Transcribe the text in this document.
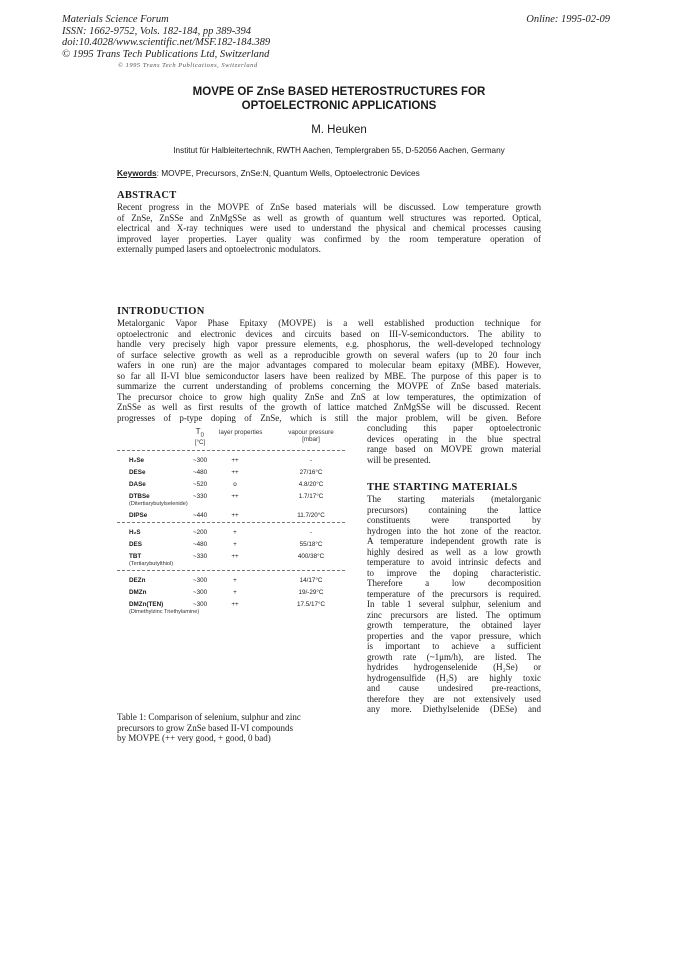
Materials Science Forum
ISSN: 1662-9752, Vols. 182-184, pp 389-394
doi:10.4028/www.scientific.net/MSF.182-184.389
© 1995 Trans Tech Publications Ltd, Switzerland
Online: 1995-02-09
© 1995 Trans Tech Publications, Switzerland
MOVPE OF ZnSe BASED HETEROSTRUCTURES FOR
OPTOELECTRONIC APPLICATIONS
M. Heuken
Institut für Halbleitertechnik, RWTH Aachen, Templergraben 55, D-52056 Aachen, Germany
Keywords: MOVPE, Precursors, ZnSe:N, Quantum Wells, Optoelectronic Devices
ABSTRACT
Recent progress in the MOVPE of ZnSe based materials will be discussed. Low temperature growth
of ZnSe, ZnSSe and ZnMgSSe as well as growth of quantum well structures was reported. Optical,
electrical and X-ray techniques were used to understand the physical and chemical processes causing
improved layer properties. Layer quality was confirmed by the room temperature operation of
externally pumped lasers and optoelectronic modulators.
INTRODUCTION
Metalorganic Vapor Phase Epitaxy (MOVPE) is a well established production technique for
optoelectronic and electronic devices and circuits based on III-V-semiconductors. The ability to
handle very precisely high vapor pressure elements, e.g. phosphorus, the well-developed technology
of surface selective growth as well as a reproducible growth on several wafers (up to 20 four inch
wafers in one run) are the major advantages compared to molecular beam epitaxy (MBE). However,
so far all II-VI blue semiconductor lasers have been realized by MBE. The purpose of this paper is to
summarize the current understanding of problems concerning the MOVPE of ZnSe based materials.
The precursor choice to grow high quality ZnSe and ZnS at low temperatures, the optimization of
ZnSSe as well as first results of the growth of lattice matched ZnMgSSe will be discussed. Recent
progresses of p-type doping of ZnSe, which is still the major problem, will be given. Before
concluding this paper optoelectronic
devices operating in the blue spectral
range based on MOVPE grown material
will be presented.
THE STARTING MATERIALS
The starting materials (metalorganic
precursors) containing the lattice
constituents were transported by
hydrogen into the hot zone of the reactor.
A temperature independent growth rate is
highly desired as well as a low growth
temperature to avoid intrinsic defects and
to improve the doping characteristic.
Therefore a low decomposition
temperature of the precursors is required.
In table 1 several sulphur, selenium and
zinc precursors are listed. The optimum
growth temperature, the obtained layer
properties and the vapor pressure, which
is important to achieve a sufficient
growth rate (~1μm/h), are listed. The
hydrides hydrogenselenide (H₂Se) or
hydrogensulfide (H₂S) are highly toxic
and cause undesired pre-reactions,
therefore they are not extensively used
any more. Diethylselenide (DESe) and
$T_D$
[°C]
layer properties	vapour pressure
[mbar]
H₂Se	~300	++	-
DESe	~480	++	27/16°C
DASe	~520	o	4.8/20°C
DTBSe	~330	++	1.7/17°C
(Ditertiarybutylselenide)
DIPSe	~440	++	11.7/20°C
H₂S	~200	+	-
DES	~480	+	55/18°C
TBT	~330	++	400/38°C
(Tertiarybutylthiol)
DEZn	~300	+	14/17°C
DMZn	~300	+	19/-29°C
DMZn(TEN)	~300	++	17.5/17°C
(Dimethylzinc Triethylamine)
Table 1: Comparison of selenium, sulphur and zinc
precursors to grow ZnSe based II-VI compounds
by MOVPE (++ very good, + good, 0 bad)
